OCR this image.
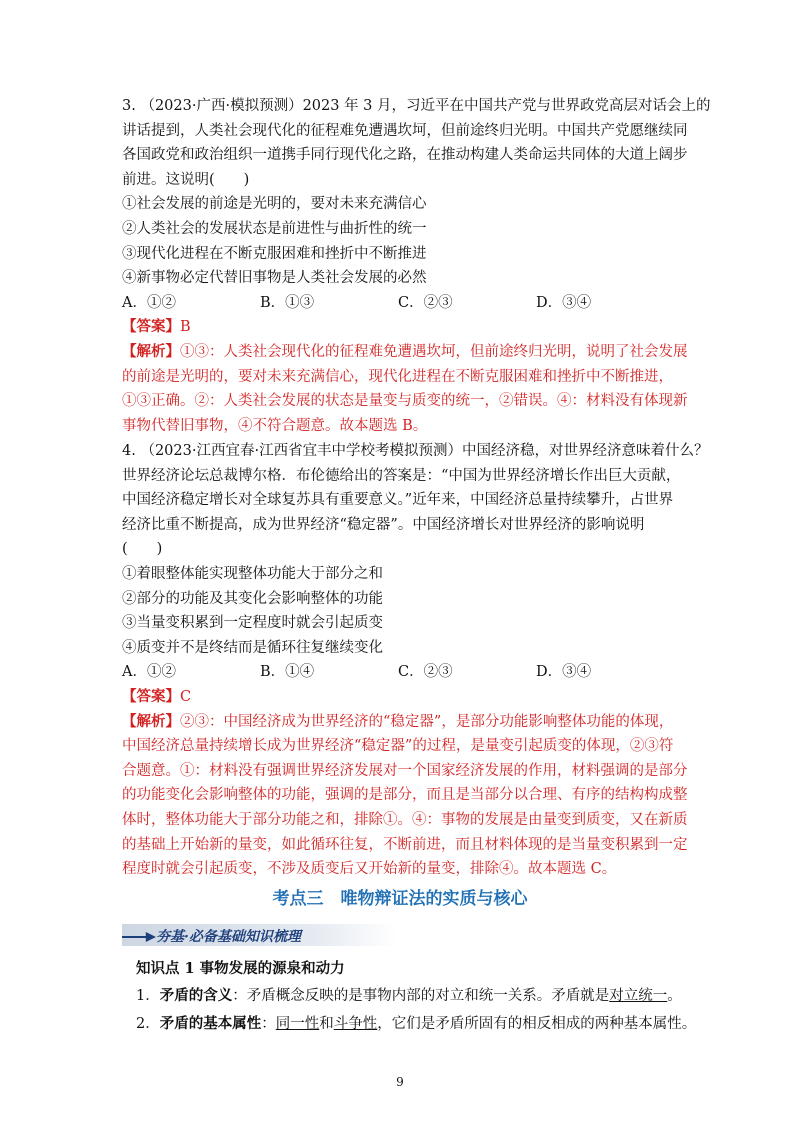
3. （2023·广西·模拟预测）2023 年 3 月，习近平在中国共产党与世界政党高层对话会上的

讲话提到，人类社会现代化的征程难免遭遇坎坷，但前途终归光明。中国共产党愿继续同

各国政党和政治组织一道携手同行现代化之路，在推动构建人类命运共同体的大道上阔步

前进。这说明(　　)

①社会发展的前途是光明的，要对未来充满信心

②人类社会的发展状态是前进性与曲折性的统一

③现代化进程在不断克服困难和挫折中不断推进

④新事物必定代替旧事物是人类社会发展的必然

A．①②	B．①③	C．②③	D．③④

【答案】B

【解析】①③：人类社会现代化的征程难免遭遇坎坷，但前途终归光明，说明了社会发展

的前途是光明的，要对未来充满信心，现代化进程在不断克服困难和挫折中不断推进，

①③正确。②：人类社会发展的状态是量变与质变的统一，②错误。④：材料没有体现新

事物代替旧事物，④不符合题意。故本题选 B。

4. （2023·江西宜春·江西省宜丰中学校考模拟预测）中国经济稳，对世界经济意味着什么？

世界经济论坛总裁博尔格．布伦德给出的答案是：“中国为世界经济增长作出巨大贡献，

中国经济稳定增长对全球复苏具有重要意义。”近年来，中国经济总量持续攀升，占世界

经济比重不断提高，成为世界经济“稳定器”。中国经济增长对世界经济的影响说明

(　　)

①着眼整体能实现整体功能大于部分之和

②部分的功能及其变化会影响整体的功能

③当量变积累到一定程度时就会引起质变

④质变并不是终结而是循环往复继续变化

A．①②	B．①④	C．②③	D．③④

【答案】C

【解析】②③：中国经济成为世界经济的“稳定器”，是部分功能影响整体功能的体现，

中国经济总量持续增长成为世界经济“稳定器”的过程，是量变引起质变的体现，②③符

合题意。①：材料没有强调世界经济发展对一个国家经济发展的作用，材料强调的是部分

的功能变化会影响整体的功能，强调的是部分，而且是当部分以合理、有序的结构构成整

体时，整体功能大于部分功能之和，排除①。④：事物的发展是由量变到质变，又在新质

的基础上开始新的量变，如此循环往复，不断前进，而且材料体现的是当量变积累到一定

程度时就会引起质变，不涉及质变后又开始新的量变，排除④。故本题选 C。

考点三　唯物辩证法的实质与核心
夯基·必备基础知识梳理

知识点 1 事物发展的源泉和动力

1．矛盾的含义：矛盾概念反映的是事物内部的对立和统一关系。矛盾就是对立统一。

2．矛盾的基本属性：同一性和斗争性，它们是矛盾所固有的相反相成的两种基本属性。

9
